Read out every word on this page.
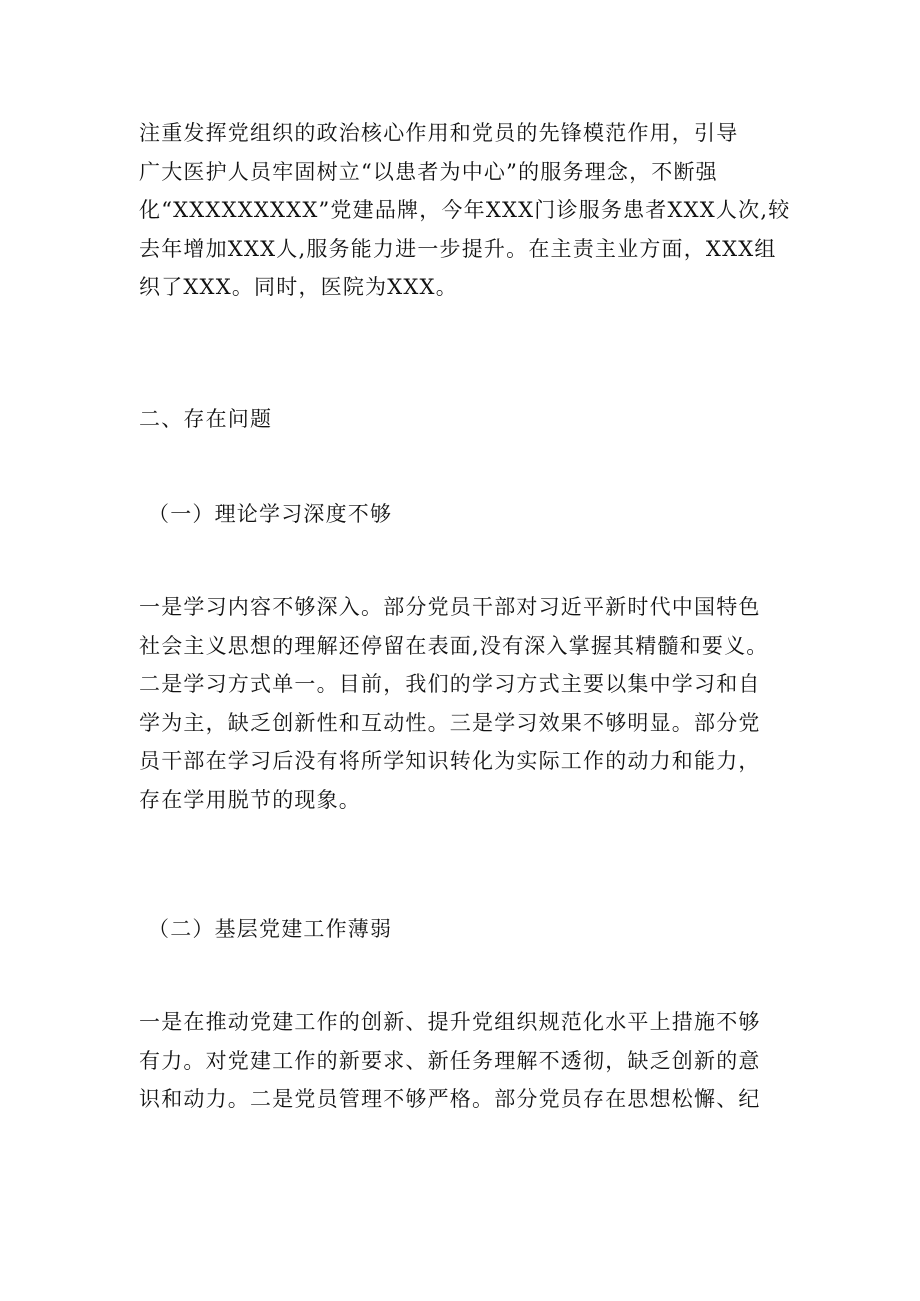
注重发挥党组织的政治核心作用和党员的先锋模范作用，引导
广大医护人员牢固树立“以患者为中心”的服务理念，不断强
化“XXXXXXXXX”党建品牌，今年XXX门诊服务患者XXX人次,较
去年增加XXX人,服务能力进一步提升。在主责主业方面，XXX组
织了XXX。同时，医院为XXX。
二、存在问题
（一）理论学习深度不够
一是学习内容不够深入。部分党员干部对习近平新时代中国特色
社会主义思想的理解还停留在表面,没有深入掌握其精髓和要义。
二是学习方式单一。目前，我们的学习方式主要以集中学习和自
学为主，缺乏创新性和互动性。三是学习效果不够明显。部分党
员干部在学习后没有将所学知识转化为实际工作的动力和能力，
存在学用脱节的现象。
（二）基层党建工作薄弱
一是在推动党建工作的创新、提升党组织规范化水平上措施不够
有力。对党建工作的新要求、新任务理解不透彻，缺乏创新的意
识和动力。二是党员管理不够严格。部分党员存在思想松懈、纪
